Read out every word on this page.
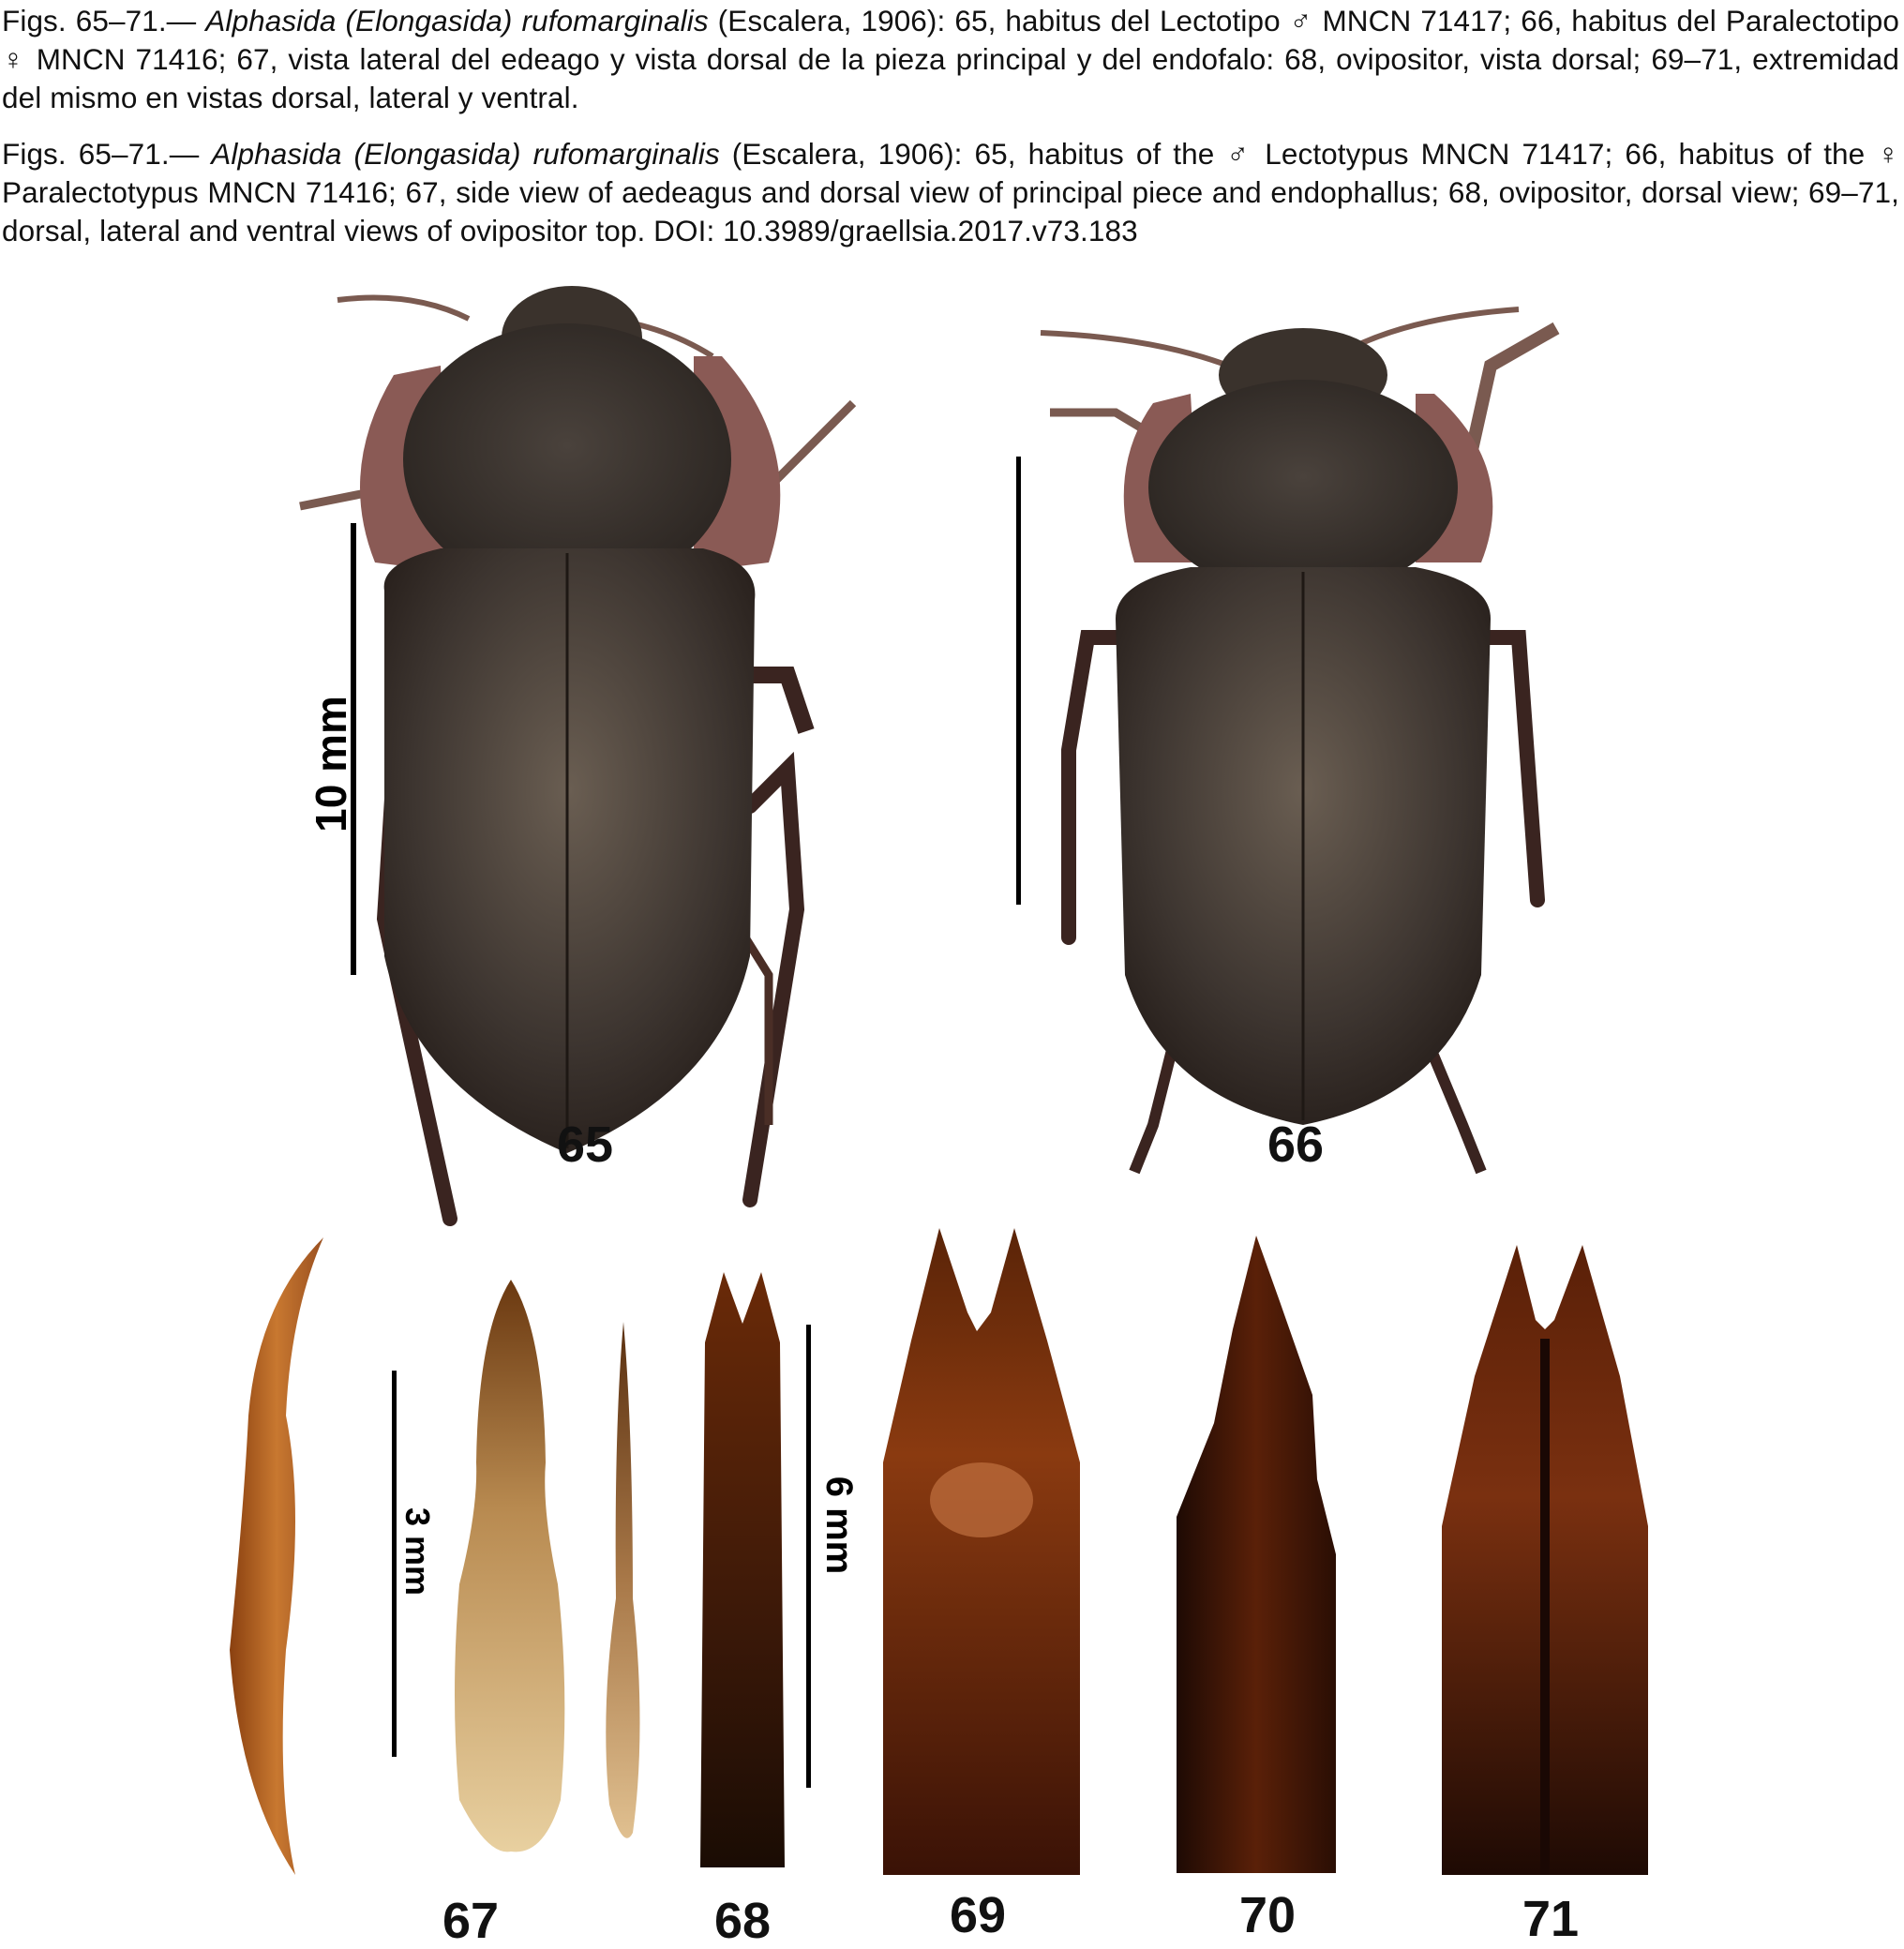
Figs. 65–71.— Alphasida (Elongasida) rufomarginalis (Escalera, 1906): 65, habitus del Lectotipo ♂ MNCN 71417; 66, habitus del Paralectotipo ♀ MNCN 71416; 67, vista lateral del edeago y vista dorsal de la pieza principal y del endofalo: 68, ovipositor, vista dorsal; 69–71, extremidad del mismo en vistas dorsal, lateral y ventral.

Figs. 65–71.— Alphasida (Elongasida) rufomarginalis (Escalera, 1906): 65, habitus of the ♂ Lectotypus MNCN 71417; 66, habitus of the ♀ Paralectotypus MNCN 71416; 67, side view of aedeagus and dorsal view of principal piece and endophallus; 68, ovipositor, dorsal view; 69–71, dorsal, lateral and ventral views of ovipositor top. DOI: 10.3989/graellsia.2017.v73.183

10 mm
65	66
3 mm	6 mm
67	68	69	70	71
